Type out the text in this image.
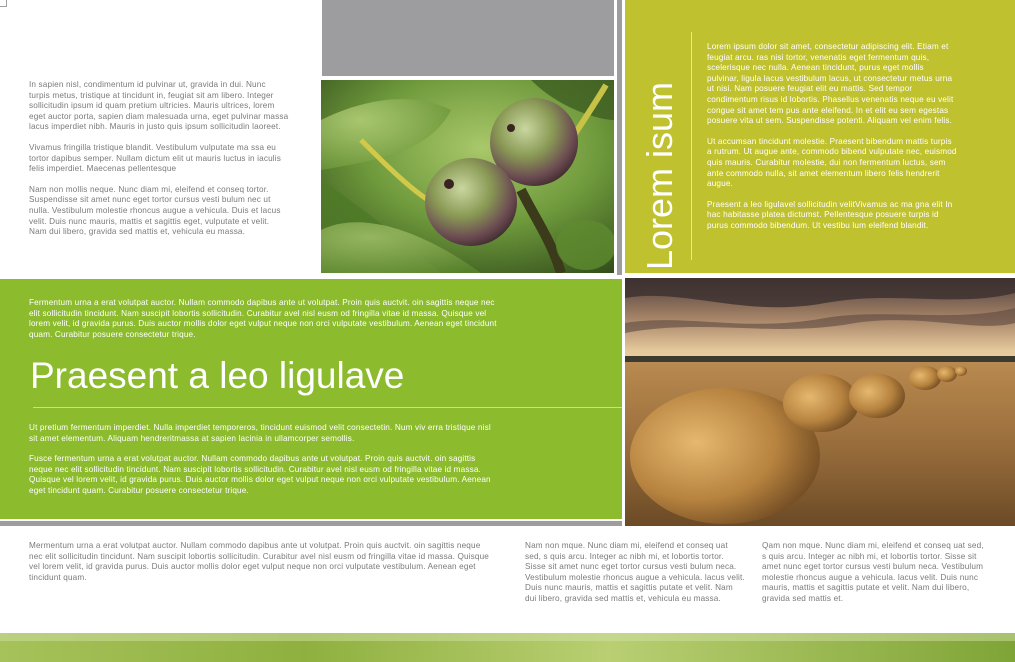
In sapien nisl, condimentum id pulvinar ut, gravida in dui. Nunc turpis metus, tristique at tincidunt in, feugiat sit am libero. Integer sollicitudin ipsum id quam pretium ultricies. Mauris ultrices, lorem eget auctor porta, sapien diam malesuada urna, eget pulvinar massa lacus imperdiet nibh. Mauris in justo quis ipsum sollicitudin laoreet.

Vivamus fringilla tristique blandit. Vestibulum vulputate ma ssa eu tortor dapibus semper. Nullam dictum elit ut mauris luctus in iaculis felis imperdiet. Maecenas pellentesque

Nam non mollis neque. Nunc diam mi, eleifend et conseq tortor. Suspendisse sit amet nunc eget tortor cursus vesti bulum nec ut nulla. Vestibulum molestie rhoncus augue a vehicula. Duis et lacus velit. Duis nunc mauris, mattis et sagittis eget, vulputate et velit. Nam dui libero, gravida sed mattis et, vehicula eu massa.	Lorem isum

Lorem ipsum dolor sit amet, consectetur adipiscing elit. Etiam et feugiat arcu. ras nisi tortor, venenatis eget fermentum quis, scelerisque nec nulla. Aenean tincidunt, purus eget mollis pulvinar, ligula lacus vestibulum lacus, ut consectetur metus urna ut nisi. Nam posuere feugiat elit eu mattis. Sed tempor condimentum risus id lobortis. Phasellus venenatis neque eu velit congue sit amet tem pus ante eleifend. In et elit eu sem egestas posuere vita ut sem. Suspendisse potenti. Aliquam vel enim felis.

Ut accumsan tincidunt molestie. Praesent bibendum mattis turpis a rutrum. Ut augue ante, commodo bibend vulputate nec, euismod quis mauris. Curabitur molestie, dui non fermentum luctus, sem ante commodo nulla, sit amet elementum libero felis hendrerit augue.

Praesent a leo ligulavel sollicitudin velitVivamus ac ma gna elit In hac habitasse platea dictumst. Pellentesque posuere turpis id purus commodo bibendum. Ut vestibu lum eleifend blandit.

Fermentum urna a erat volutpat auctor. Nullam commodo dapibus ante ut volutpat. Proin quis auctvit. oin sagittis neque nec elit sollicitudin tincidunt. Nam suscipit lobortis sollicitudin. Curabitur avel nisl eusm od fringilla vitae id massa. Quisque vel lorem velit, id gravida purus. Duis auctor mollis dolor eget vulput neque non orci vulputate vestibulum. Aenean eget tincidunt quam. Curabitur posuere consectetur trique.
Praesent a leo ligulave

Ut pretium fermentum imperdiet. Nulla imperdiet temporeros, tincidunt euismod velit consectetin. Num viv erra tristique nisl sit amet elementum. Aliquam hendreritmassa at sapien lacinia in ullamcorper semollis.

Fusce fermentum urna a erat volutpat auctor. Nullam commodo dapibus ante ut volutpat. Proin quis auctvit. oin sagittis neque nec elit sollicitudin tincidunt. Nam suscipit lobortis sollicitudin. Curabitur avel nisl eusm od fringilla vitae id massa. Quisque vel lorem velit, id gravida purus. Duis auctor mollis dolor eget vulput neque non orci vulputate vestibulum. Aenean eget tincidunt quam. Curabitur posuere consectetur trique.

Mermentum urna a erat volutpat auctor. Nullam commodo dapibus ante ut volutpat. Proin quis auctvit. oin sagittis neque nec elit sollicitudin tincidunt. Nam suscipit lobortis sollicitudin. Curabitur avel nisl eusm od fringilla vitae id massa. Quisque vel lorem velit, id gravida purus. Duis auctor mollis dolor eget vulput neque non orci vulputate vestibulum. Aenean eget tincidunt quam.
Nam non mque. Nunc diam mi, eleifend et conseq uat sed, s quis arcu. Integer ac nibh mi, et lobortis tortor. Sisse sit amet nunc eget tortor cursus vesti bulum neca. Vestibulum molestie rhoncus augue a vehicula. lacus velit. Duis nunc mauris, mattis et sagittis putate et velit. Nam dui libero, gravida sed mattis et, vehicula eu massa.
Qam non mque. Nunc diam mi, eleifend et conseq uat sed, s quis arcu. Integer ac nibh mi, et lobortis tortor. Sisse sit amet nunc eget tortor cursus vesti bulum neca. Vestibulum molestie rhoncus augue a vehicula. lacus velit. Duis nunc mauris, mattis et sagittis putate et velit. Nam dui libero, gravida sed mattis et.
